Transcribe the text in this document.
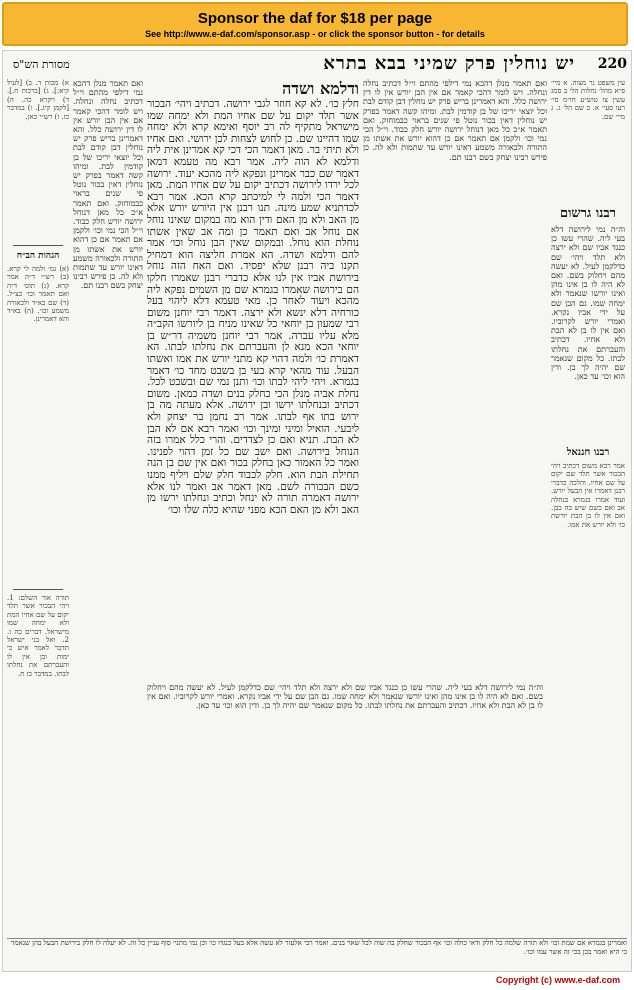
Sponsor the daf for $18 per page
See http://www.e-daf.com/sponsor.asp - or click the sponsor button - for details
220
יש נוחלין פרק שמיני בבא בתרא
מסורת הש"ס
עין משפט נר מצוה. א מיי׳ פ״א מהל׳ נחלות הל׳ ב סמג עשין צו טוש״ע חו״מ סי׳ רעו סעי׳ א. ב שם הל׳ ג. ג מיי׳ שם.
רבנו גרשום
וה״ה נמי לירושה דלא בעי ליה. שהרי עשו כן כנגד אביו שם ולא ירצה ולא תלד ויהי׳ שם כדלקמן לעיל. לא יעשה מהם ויחלוק בשם. ואם לא היה לו בן אינו מהן ואינו יורשו שנאמר ולא ימחה שמו. גם הבן שם על ידי אביו נקרא. ואמרי יורש לקרוביו. ואם אין לו בן לא הבת ולא אחיו. דכתיב והעברתם את נחלתו לבתו. כל מקום שנאמר שם יהיה לך בן. ודין הוא וכו׳ עד כאן.
רבנו חננאל
אמר רבא משום דכתיב ויהי הבכור אשר תלד שם יקום על שם אחיו. והלכה כדברי רבנן דאמרו אין הבעל יורש. ועוד אמרו בגמרא בנחלה אב ואם כשם שיש בה בבן. ואם אין לו בן הבת יורשת כו׳ ולא יורש את אמו.
ואם תאמר מנלן דהכא נמי דילפי מהתם וי״ל דכתיב נחלה ונחלה. ויש לומר דהכי קאמר אם אין הבן יורש אין לו דין ירושה כלל. והא דאמרינן בריש פרק יש נוחלין דבן קודם לבת וכל יוצאי יריכו של בן קודמין לבת. ומיהו קשה דאמר בפרק יש נוחלין דאין בכור נוטל פי שנים בראוי כבמוחזק. ואם תאמר א״כ כל מאן דנוחל ירושה יורש חלק כבוד. וי״ל הכי נמי וכו׳ ולקמן אם תאמר אם כן דהוא יורש את אשתו מן התורה ולכאורה משמע דאינו יורש עד שתמות ולא לה. כן פירש רבינו יצחק בשם רבנו תם.
ודלמא ושדה
חלץ כו׳. לא קא חוזר לגבי ירושה. דכתיב ויהי׳ הבכור אשר תלד יקום על שם אחיו המת ולא ימחה שמו מישראל מתקיף לה רב יוסף ואימא קרא ולא ימחה שמו דהיינו שם. כן לחוש לצחות לכן ירושי. ואם אחיו ולא תיתי בר. מאן דאמר הכי דכי קא אמרינן אית ליה ודלמא לא הוה ליה. אמר רבא מה טעמא דמאן דאמר שם כבר אמרינן ונפקא ליה מהכא יעוד. ירושה לכל ירדו לירושה דכתיב יקום על שם אחיו המת. מאן דאמר הכי ולמה לי למיכתב קרא הכא. אמר רבא לכדתניא שמע מינה. תנו רבנן אין היורש יורש אלא מן האב ולא מן האם ודין הוא מה במקום שאינו נוחל אם נוחל אב ואם תאמר כן ומה אב שאין אשתו נוחלת הוא נוחל. ובמקום שאין הבן נוחל וכו׳ אמר להם ודלמא ושדה. הא אמרת חליצה הוא דמחיל תקנו ביה רבנן שלא יפסיד. ואם האח הזה נוחל בירושת אביו אין לנו אלא כדברי רבנן שאמרו חלקו הם בירושה שאמרו בגמרא שם מן השמים נפקא ליה מהכא ויעוד לאחר כן. מאי טעמא דלא ליהוי בעל כורחיה דלא ינשא ולא ירצה. דאמר רבי יוחנן משום רבי שמעון בן יוחאי כל שאינו מניח בן ליורשו הקב״ה מלא עליו עברה. אמר רבי יוחנן משמיה דר״ש בן יוחאי הכא מנא לן והעברתם את נחלתו לבתו. הא דאמרת כו׳ ולמה דהוי קא מתני יורש את אמו ואשתו הבעל. עוד מהאי קרא בעי בן בשבט מחד כו׳ דאמר בגמרא. ויהי ליהי לבתו וכו׳ ותנן נמי שם ובשבט לכל. נחלת אביה מנלן הכי כחלק בנים ושדה כמאן. משום דכתיב ובנחלתו ירשו ובן ירושה. אלא מעתה מה בן ירוש בתו אף לבתו. אמר רב נחמן בר יצחק ולא ליבעי. הואיל ומיני ומינך וכו׳ ואמר רבא אם לא הבן לא הבת. תניא ואם כן לצדדים. והרי כלל אמרו בזה הנוחל בירושה. ואם ישב שם כל זמן דהוי לפנינו. ואמר כל האמור כאן בחלק בכור ואם אין שם בן הנה תחילת הבת הוא. חלק לכבוד חלק שלם ויליף ממנו כשם הבכורה לשם. מאן דאמר אב ואמר לנו אלא ירושה דאמרה תורה לא ינחל וכתיב ונחלתו ירשו מן האב ולא מן האם הכא מפני שהיא כלה שלו וכו׳
וה״ה נמי לירושה דלא בעי ליה. שהרי עשו כן כנגד אביו שם ולא ירצה ולא תלד ויהי׳ שם כדלקמן לעיל. לא יעשה מהם ויחלוק בשם. ואם לא היה לו בן אינו מהן ואינו יורשו שנאמר ולא ימחה שמו. גם הבן שם על ידי אביו נקרא. ואמרי יורש לקרוביו. ואם אין לו בן לא הבת ולא אחיו. דכתיב והעברתם את נחלתו לבתו. כל מקום שנאמר שם יהיה לך בן. ודין הוא וכו׳ עד כאן.
ואם תאמר מנלן דהכא נמי דילפי מהתם וי״ל דכתיב נחלה ונחלה. ויש לומר דהכי קאמר אם אין הבן יורש אין לו דין ירושה כלל. והא דאמרינן בריש פרק יש נוחלין דבן קודם לבת וכל יוצאי יריכו של בן קודמין לבת. ומיהו קשה דאמר בפרק יש נוחלין דאין בכור נוטל פי שנים בראוי כבמוחזק. ואם תאמר א״כ כל מאן דנוחל ירושה יורש חלק כבוד. וי״ל הכי נמי וכו׳ ולקמן אם תאמר אם כן דהוא יורש את אשתו מן התורה ולכאורה משמע דאינו יורש עד שתמות ולא לה. כן פירש רבינו יצחק בשם רבנו תם.
א) מכות ד. ב) [לעיל קיא:]. ג) [ברכות ח.]. ד) ויקרא כה. ה) [לקמן קיג.]. ו) במדבר כז. ז) רש״י כאן.
הגהות הב״ח
(א) גמ׳ ולמה לי קרא. (ב) רש״י ד״ה אמר קרא. (ג) תוס׳ ד״ה ואם תאמר וכו׳ כצ״ל. (ד) שם בא״ד ולכאורה משמע וכו׳. (ה) בא״ד והא דאמרינן.
תורה אור השלם: 1. ויהי הבכור אשר תלד יקום על שם אחיו המת ולא ימחה שמו מישראל. דברים כה ו. 2. ואל בני ישראל תדבר לאמר איש כי ימות ובן אין לו והעברתם את נחלתו לבתו. במדבר כז ח.
ואמרינן בגמרא אם שמת וכו׳ ולא תורה שלמה כל חלק ודאי כולה וכו׳ אף הבכור שחלק בה שוה לכל שאר בנים. ואמר רבי אלעזר לא עשה אלא בעל כנגדו כו׳ וכן נמי מתני׳ סוף עניין כל זה. לא יעלה לו חלק בירושת הבעל בהן שנאמר כי היא ואמר בכן בכי זה אשר עמו וכו׳.
Copyright (c) www.e-daf.com
